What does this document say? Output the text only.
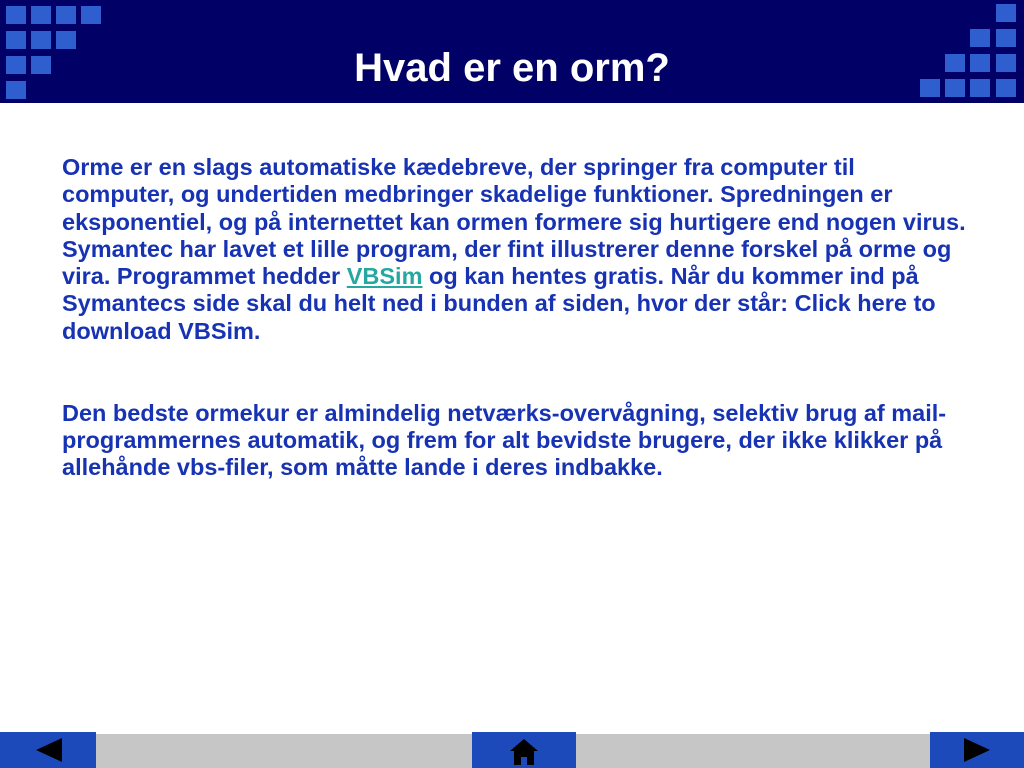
Hvad er en orm?

Orme er en slags automatiske kædebreve, der springer fra computer til computer, og undertiden medbringer skadelige funktioner. Spredningen er eksponentiel, og på internettet kan ormen formere sig hurtigere end nogen virus. Symantec har lavet et lille program, der fint illustrerer denne forskel på orme og vira. Programmet hedder VBSim og kan hentes gratis. Når du kommer ind på Symantecs side skal du helt ned i bunden af siden, hvor der står: Click here to download VBSim.

Den bedste ormekur er almindelig netværks-overvågning, selektiv brug af mail-programmernes automatik, og frem for alt bevidste brugere, der ikke klikker på allehånde vbs-filer, som måtte lande i deres indbakke.
